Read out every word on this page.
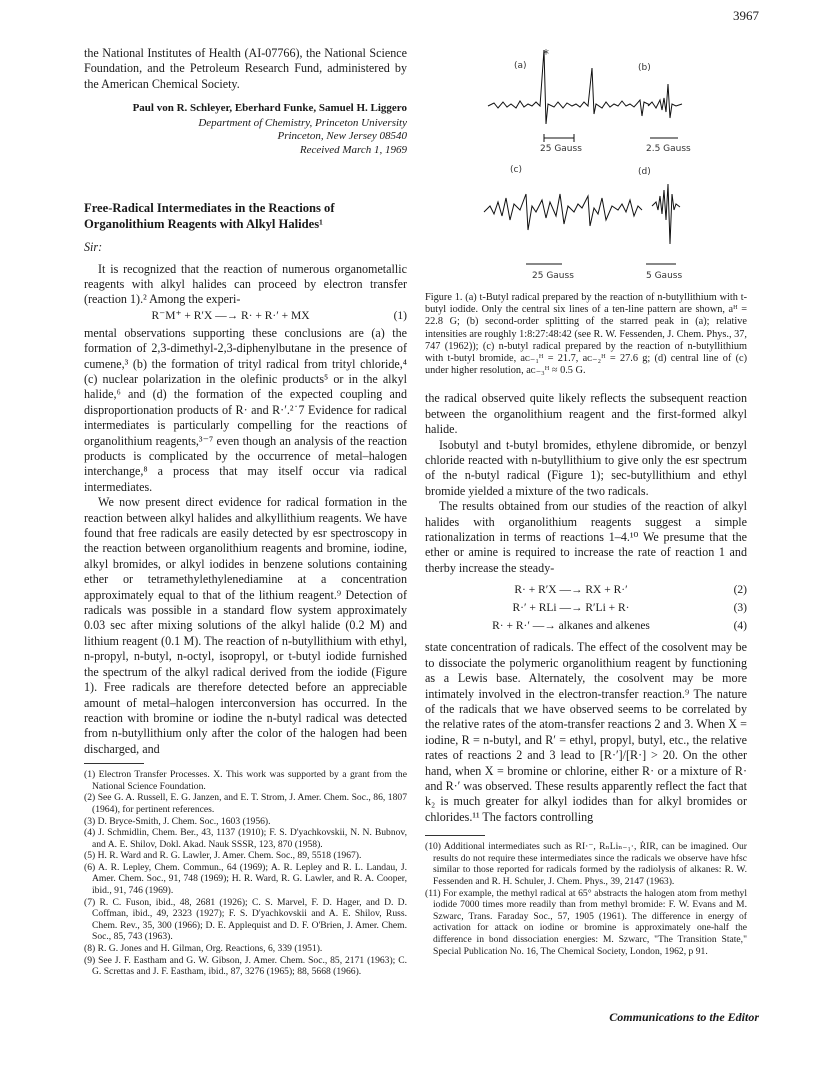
3967

the National Institutes of Health (AI-07766), the National Science Foundation, and the Petroleum Research Fund, administered by the American Chemical Society.

Paul von R. Schleyer, Eberhard Funke, Samuel H. Liggero
Department of Chemistry, Princeton University
Princeton, New Jersey 08540
Received March 1, 1969
Free-Radical Intermediates in the Reactions of Organolithium Reagents with Alkyl Halides¹
Sir:

It is recognized that the reaction of numerous organometallic reagents with alkyl halides can proceed by electron transfer (reaction 1).² Among the experi-

R⁻M⁺ + R′X —→ R· + R·′ + MX	(1)

mental observations supporting these conclusions are (a) the formation of 2,3-dimethyl-2,3-diphenylbutane in the presence of cumene,³ (b) the formation of trityl radical from trityl chloride,⁴ (c) nuclear polarization in the olefinic products⁵ or in the alkyl halide,⁶ and (d) the formation of the expected coupling and disproportionation products of R· and R·′.²˙7 Evidence for radical intermediates is particularly compelling for the reactions of organolithium reagents,³⁻⁷ even though an analysis of the reaction products is complicated by the occurrence of metal–halogen interchange,⁸ a process that may itself occur via radical intermediates.

We now present direct evidence for radical formation in the reaction between alkyl halides and alkyllithium reagents. We have found that free radicals are easily detected by esr spectroscopy in the reaction between organolithium reagents and bromine, iodine, alkyl bromides, or alkyl iodides in benzene solutions containing ether or tetramethylethylenediamine at a concentration approximately equal to that of the lithium reagent.⁹ Detection of radicals was possible in a standard flow system approximately 0.03 sec after mixing solutions of the alkyl halide (0.2 M) and lithium reagent (0.1 M). The reaction of n-butyllithium with ethyl, n-propyl, n-butyl, n-octyl, isopropyl, or t-butyl iodide furnished the spectrum of the alkyl radical derived from the iodide (Figure 1). Free radicals are therefore detected before an appreciable amount of metal–halogen interconversion has occurred. In the reaction with bromine or iodine the n-butyl radical was detected from n-butyllithium only after the color of the halogen had been discharged, and

(1) Electron Transfer Processes. X. This work was supported by a grant from the National Science Foundation.

(2) See G. A. Russell, E. G. Janzen, and E. T. Strom, J. Amer. Chem. Soc., 86, 1807 (1964), for pertinent references.

(3) D. Bryce-Smith, J. Chem. Soc., 1603 (1956).

(4) J. Schmidlin, Chem. Ber., 43, 1137 (1910); F. S. D'yachkovskii, N. N. Bubnov, and A. E. Shilov, Dokl. Akad. Nauk SSSR, 123, 870 (1958).

(5) H. R. Ward and R. G. Lawler, J. Amer. Chem. Soc., 89, 5518 (1967).

(6) A. R. Lepley, Chem. Commun., 64 (1969); A. R. Lepley and R. L. Landau, J. Amer. Chem. Soc., 91, 748 (1969); H. R. Ward, R. G. Lawler, and R. A. Cooper, ibid., 91, 746 (1969).

(7) R. C. Fuson, ibid., 48, 2681 (1926); C. S. Marvel, F. D. Hager, and D. D. Coffman, ibid., 49, 2323 (1927); F. S. D'yachkovskii and A. E. Shilov, Russ. Chem. Rev., 35, 300 (1966); D. E. Applequist and D. F. O'Brien, J. Amer. Chem. Soc., 85, 743 (1963).

(8) R. G. Jones and H. Gilman, Org. Reactions, 6, 339 (1951).

(9) See J. F. Eastham and G. W. Gibson, J. Amer. Chem. Soc., 85, 2171 (1963); C. G. Screttas and J. F. Eastham, ibid., 87, 3276 (1965); 88, 5668 (1966).

(a)
*
25 Gauss
(b)
2.5 Gauss
(c)
25 Gauss
(d)
5 Gauss

Figure 1. (a) t-Butyl radical prepared by the reaction of n-butyllithium with t-butyl iodide. Only the central six lines of a ten-line pattern are shown, aᴴ = 22.8 G; (b) second-order splitting of the starred peak in (a); relative intensities are roughly 1:8:27:48:42 (see R. W. Fessenden, J. Chem. Phys., 37, 747 (1962)); (c) n-butyl radical prepared by the reaction of n-butyllithium with t-butyl bromide, aᴄ₋₁ᴴ = 21.7, aᴄ₋₂ᴴ = 27.6 g; (d) central line of (c) under higher resolution, aᴄ₋₃ᴴ ≈ 0.5 G.

the radical observed quite likely reflects the subsequent reaction between the organolithium reagent and the first-formed alkyl halide.

Isobutyl and t-butyl bromides, ethylene dibromide, or benzyl chloride reacted with n-butyllithium to give only the esr spectrum of the n-butyl radical (Figure 1); sec-butyllithium and ethyl bromide yielded a mixture of the two radicals.

The results obtained from our studies of the reaction of alkyl halides with organolithium reagents suggest a simple rationalization in terms of reactions 1–4.¹⁰ We presume that the ether or amine is required to increase the rate of reaction 1 and therby increase the steady-

R· + R′X —→ RX + R·′	(2)
R·′ + RLi —→ R′Li + R·	(3)
R· + R·′ —→ alkanes and alkenes	(4)

state concentration of radicals. The effect of the cosolvent may be to dissociate the polymeric organolithium reagent by functioning as a Lewis base. Alternately, the cosolvent may be more intimately involved in the electron-transfer reaction.⁹ The nature of the radicals that we have observed seems to be correlated by the relative rates of the atom-transfer reactions 2 and 3. When X = iodine, R = n-butyl, and R′ = ethyl, propyl, butyl, etc., the relative rates of reactions 2 and 3 lead to [R·′]/[R·] > 20. On the other hand, when X = bromine or chlorine, either R· or a mixture of R· and R·′ was observed. These results apparently reflect the fact that k₂ is much greater for alkyl iodides than for alkyl bromides or chlorides.¹¹ The factors controlling

(10) Additional intermediates such as RI·⁻, RₙLiₙ₋₁·, ṘIR, can be imagined. Our results do not require these intermediates since the radicals we observe have hfsc similar to those reported for radicals formed by the radiolysis of alkanes: R. W. Fessenden and R. H. Schuler, J. Chem. Phys., 39, 2147 (1963).

(11) For example, the methyl radical at 65° abstracts the halogen atom from methyl iodide 7000 times more readily than from methyl bromide: F. W. Evans and M. Szwarc, Trans. Faraday Soc., 57, 1905 (1961). The difference in energy of activation for attack on iodine or bromine is approximately one-half the difference in bond dissociation energies: M. Szwarc, "The Transition State," Special Publication No. 16, The Chemical Society, London, 1962, p 91.

Communications to the Editor
